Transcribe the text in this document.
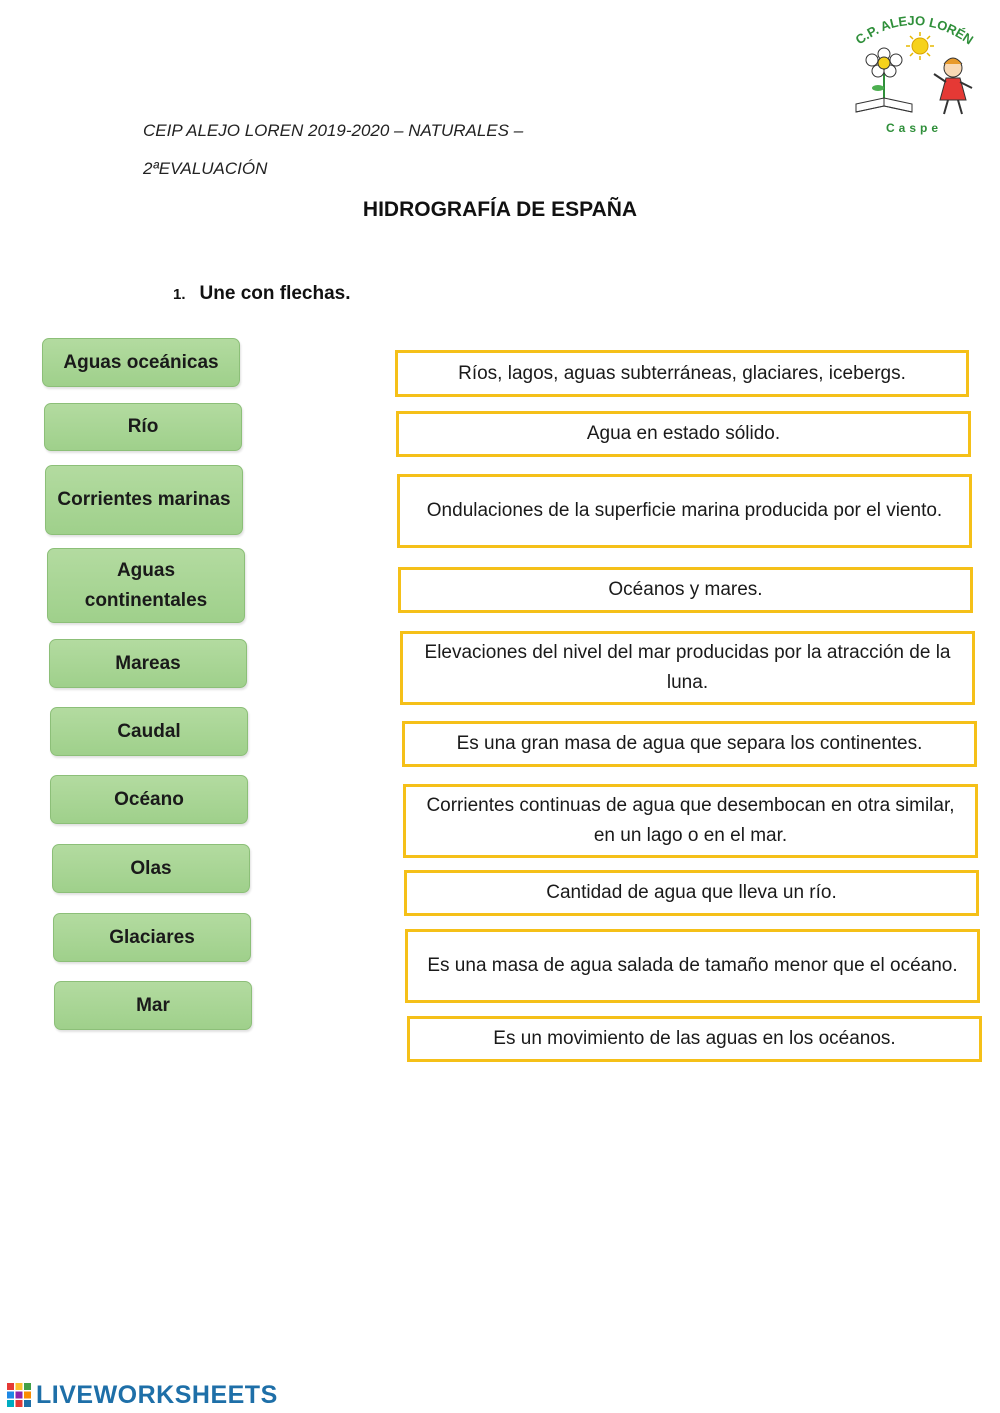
CEIP ALEJO LOREN 2019-2020 – NATURALES –
2ªEVALUACIÓN
C.P. ALEJO LORÉN
Caspe
HIDROGRAFÍA DE ESPAÑA
1. Une con flechas.
Aguas oceánicas
Río
Corrientes marinas
Aguas continentales
Mareas
Caudal
Océano
Olas
Glaciares
Mar
Ríos, lagos, aguas subterráneas, glaciares, icebergs.
Agua en estado sólido.
Ondulaciones de la superficie marina producida por el viento.
Océanos y mares.
Elevaciones del nivel del mar producidas por la atracción de la luna.
Es una gran masa de agua que separa los continentes.
Corrientes continuas de agua que desembocan en otra similar, en un lago o en el mar.
Cantidad de agua que lleva un río.
Es una masa de agua salada de tamaño menor que el océano.
Es un movimiento de las aguas en los océanos.
LIVEWORKSHEETS
